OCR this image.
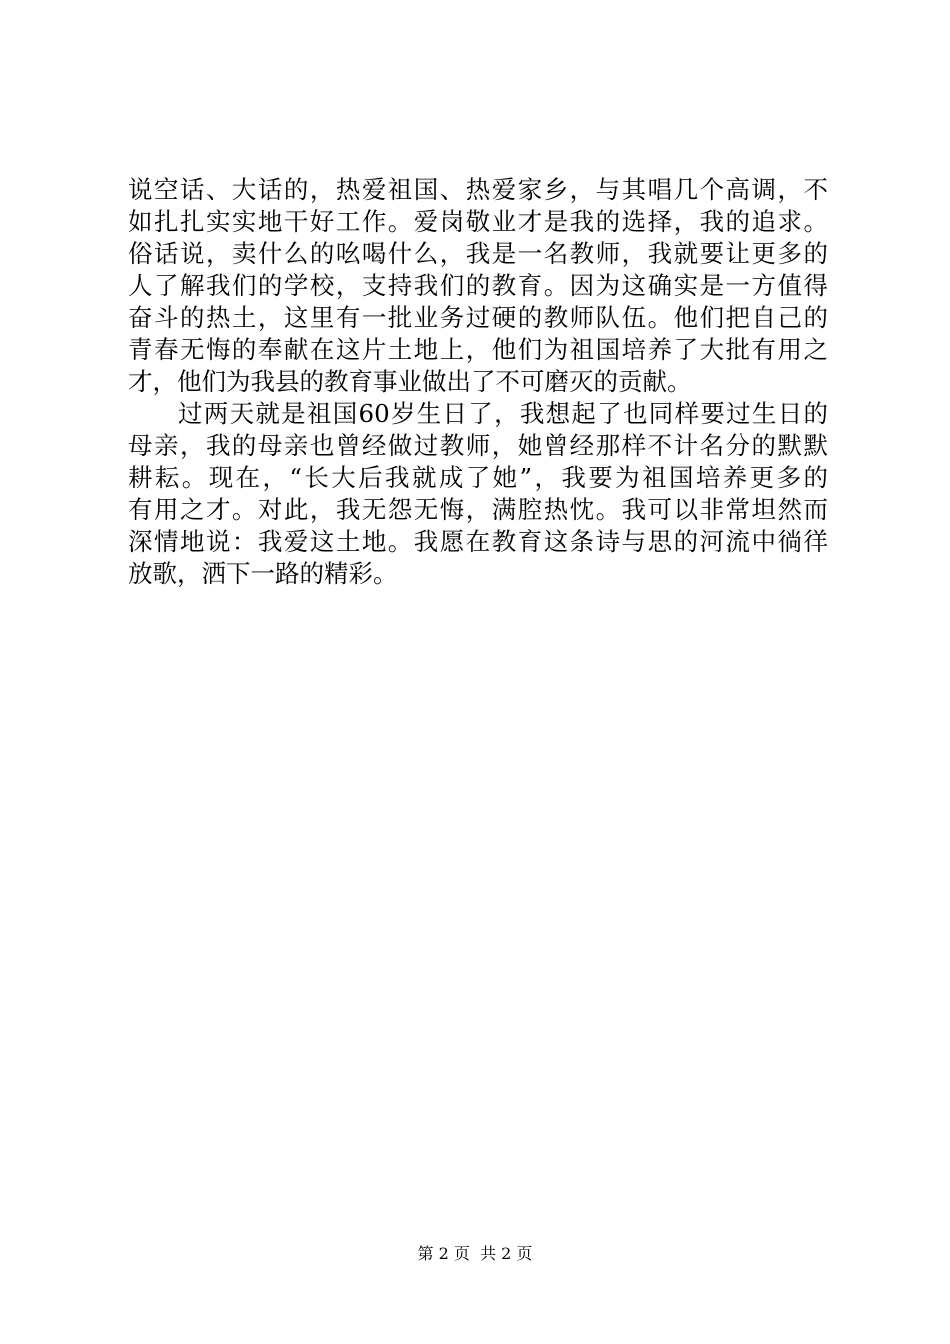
说空话、大话的，热爱祖国、热爱家乡，与其唱几个高调，不
如扎扎实实地干好工作。爱岗敬业才是我的选择，我的追求。
俗话说，卖什么的吆喝什么，我是一名教师，我就要让更多的
人了解我们的学校，支持我们的教育。因为这确实是一方值得
奋斗的热土，这里有一批业务过硬的教师队伍。他们把自己的
青春无悔的奉献在这片土地上，他们为祖国培养了大批有用之
才，他们为我县的教育事业做出了不可磨灭的贡献。
过两天就是祖国60岁生日了，我想起了也同样要过生日的
母亲，我的母亲也曾经做过教师，她曾经那样不计名分的默默
耕耘。现在，“长大后我就成了她”，我要为祖国培养更多的
有用之才。对此，我无怨无悔，满腔热忱。我可以非常坦然而
深情地说：我爱这土地。我愿在教育这条诗与思的河流中徜徉
放歌，洒下一路的精彩。
第 2 页  共 2 页
